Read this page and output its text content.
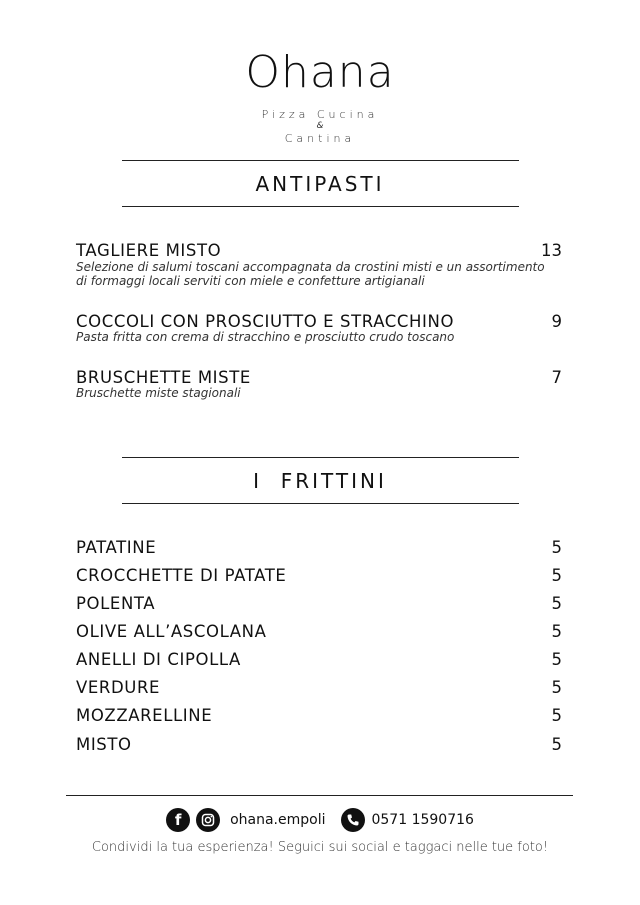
Ohana
Pizza Cucina
&
Cantina
ANTIPASTI
TAGLIERE MISTO	13
Selezione di salumi toscani accompagnata da crostini misti e un assortimento di formaggi locali serviti con miele e confetture artigianali
COCCOLI CON PROSCIUTTO E STRACCHINO	9
Pasta fritta con crema di stracchino e prosciutto crudo toscano
BRUSCHETTE MISTE	7
Bruschette miste stagionali
I  FRITTINI
PATATINE	5
CROCCHETTE DI PATATE	5
POLENTA	5
OLIVE ALL’ASCOLANA	5
ANELLI DI CIPOLLA	5
VERDURE	5
MOZZARELLINE	5
MISTO	5
f	ohana.empoli	0571 1590716
Condividi la tua esperienza! Seguici sui social e taggaci nelle tue foto!
